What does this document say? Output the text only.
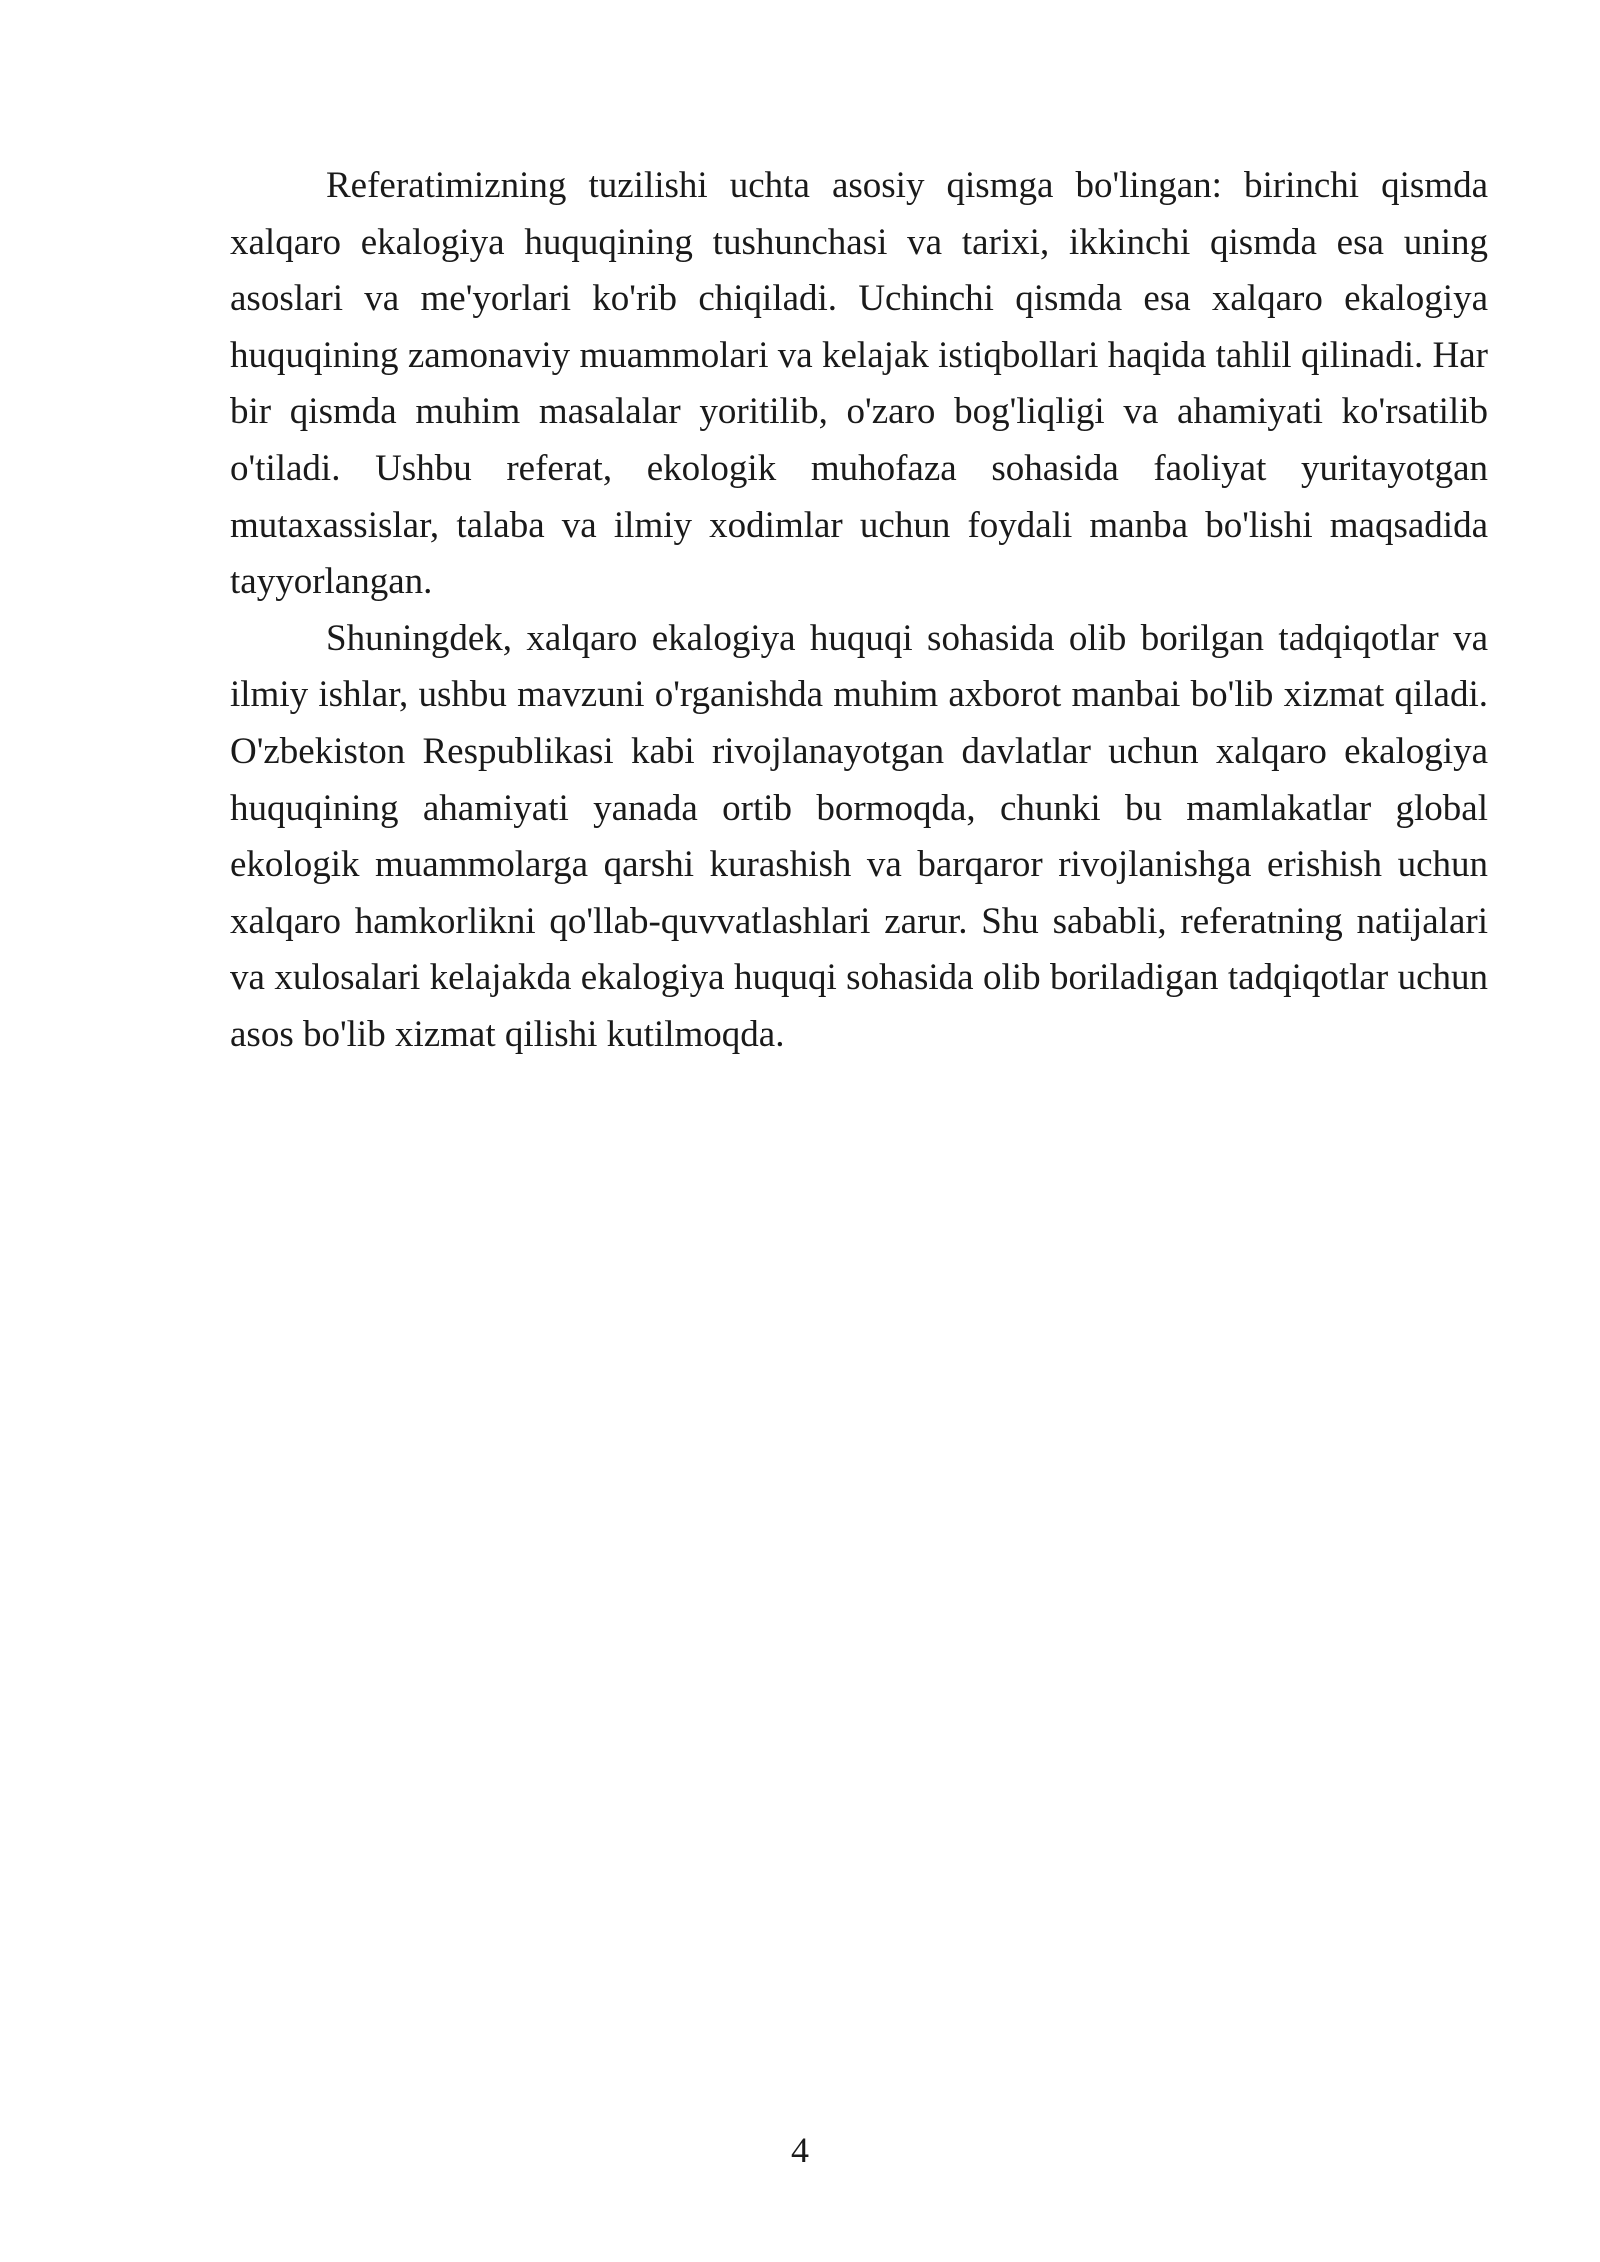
Referatimizning tuzilishi uchta asosiy qismga bo'lingan: birinchi qismda xalqaro ekalogiya huquqining tushunchasi va tarixi, ikkinchi qismda esa uning asoslari va me'yorlari ko'rib chiqiladi. Uchinchi qismda esa xalqaro ekalogiya huquqining zamonaviy muammolari va kelajak istiqbollari haqida tahlil qilinadi. Har bir qismda muhim masalalar yoritilib, o'zaro bog'liqligi va ahamiyati ko'rsatilib o'tiladi. Ushbu referat, ekologik muhofaza sohasida faoliyat yuritayotgan mutaxassislar, talaba va ilmiy xodimlar uchun foydali manba bo'lishi maqsadida tayyorlangan.

Shuningdek, xalqaro ekalogiya huquqi sohasida olib borilgan tadqiqotlar va ilmiy ishlar, ushbu mavzuni o'rganishda muhim axborot manbai bo'lib xizmat qiladi. O'zbekiston Respublikasi kabi rivojlanayotgan davlatlar uchun xalqaro ekalogiya huquqining ahamiyati yanada ortib bormoqda, chunki bu mamlakatlar global ekologik muammolarga qarshi kurashish va barqaror rivojlanishga erishish uchun xalqaro hamkorlikni qo'llab-quvvatlashlari zarur. Shu sababli, referatning natijalari va xulosalari kelajakda ekalogiya huquqi sohasida olib boriladigan tadqiqotlar uchun asos bo'lib xizmat qilishi kutilmoqda.

4
